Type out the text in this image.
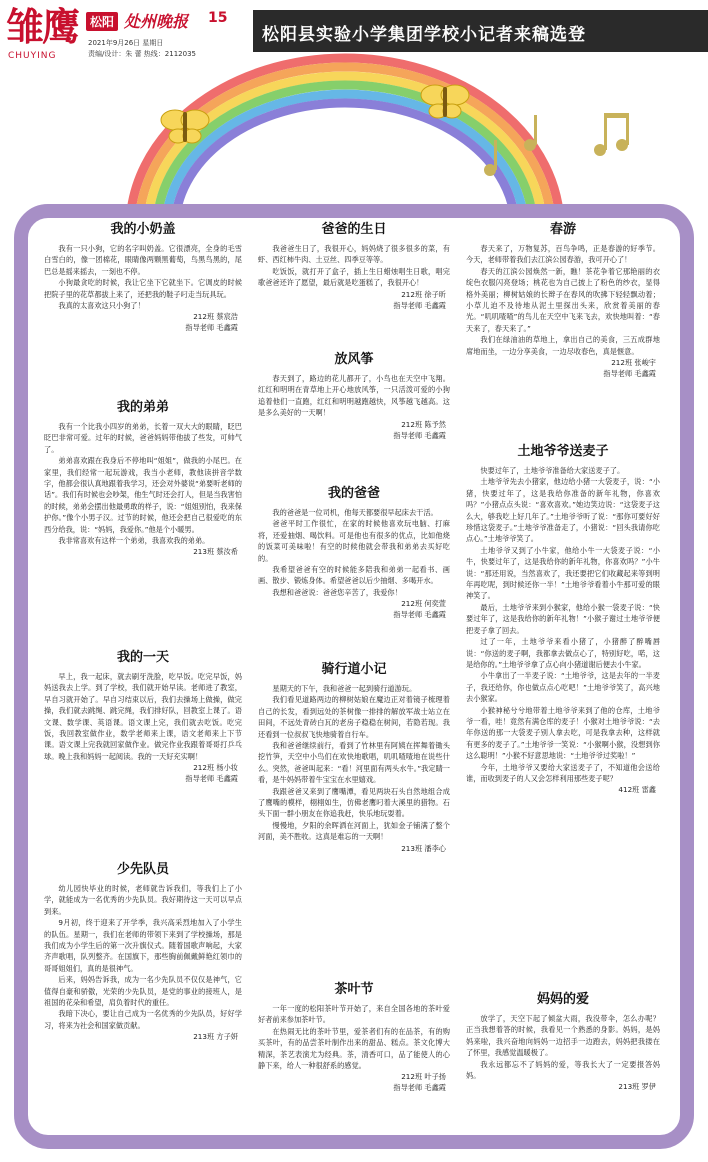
雏鹰
CHUYING
松阳 处州晚报 15
2021年9月26日 星期日
责编/设计：朱 蕾 热线：2112035
松阳县实验小学集团学校小记者来稿选登
我的小奶盖

我有一只小狗，它的名字叫奶盖。它很漂亮，全身的毛雪白雪白的，像一团棉花，眼睛像两颗黑葡萄，鸟黑鸟黑的，尾巴总是摇来摇去，一刻也不停。

小狗最贪吃的时候，我让它坐下它就坐下。它调皮的时候把院子里的花草都拔上来了，还把我的鞋子叼走当玩具玩。

我真的太喜欢这只小狗了！

212班 蔡宸浩
指导老师 毛鑫霞
我的弟弟

我有一个比我小四岁的弟弟，长着一双大大的眼睛，眨巴眨巴非常可爱。过年的时候，爸爸妈妈带他拔了些发，可帅气了。

弟弟喜欢跟在我身后不停地叫“姐姐”，做我的小尾巴。在家里，我们经常一起玩游戏，我当小老师，教他读拼音学数字，他都会很认真地跟着我学习，还会对外婆说“弟要听老师的话”。我们有时候也会吵架，他生气时还会打人，但是当我害怕的时候，弟弟会摆出他最勇敢的样子，说：“姐姐别怕，我来保护你。”像个小男子汉。过节的时候，他还会把自己很爱吃的东西分给我，说：“妈妈，我爱你。”他是个小暖男。

我非常喜欢有这样一个弟弟，我喜欢我的弟弟。

213班 蔡汝希
我的一天

早上，我一起床，就去刷牙洗脸，吃早饭。吃完早饭，妈妈送我去上学。到了学校，我们就开始早读。老师进了教室，早自习就开始了。早自习结束以后，我们去操场上做操，做完操，我们就去跳绳、跳完绳，我们排好队，回教室上课了。语文课、数学课、英语课。语文课上完，我们就去吃饭。吃完饭，我回教室做作业，数学老师来上课，语文老师来上下节课。语文课上完我就回家做作业。做完作业我跟着哥哥打乒乓球。晚上我和妈妈一起阅读。我的一天好充实啊！

212班 杨小妆
指导老师 毛鑫霞
少先队员

幼儿园快毕业的时候，老师就告诉我们，等我们上了小学，就能成为一名优秀的少先队员。我好期待这一天可以早点到来。

9月初，终于迎来了开学季，我兴高采烈地加入了小学生的队伍。星期一，我们在老师的带领下来到了学校操场，那是我们成为小学生后的第一次升旗仪式。随着国歌声响起，大家齐声歌唱，队列整齐。在国旗下，那些胸前佩戴鲜艳红领巾的哥哥姐姐们，真的是很神气。

后来，妈妈告诉我，成为一名少先队员不仅仅是神气，它值得自豪和骄傲，光荣的少先队员，是党的事业的接班人，是祖国的花朵和希望，肩负着时代的重任。

我暗下决心，要让自己成为一名优秀的少先队员，好好学习，将来为社会和国家做贡献。

213班 方子妍
爸爸的生日

我爸爸生日了，我很开心，妈妈烧了很多很多的菜，有虾、西红柿牛肉、土豆丝、四季豆等等。

吃饭饭，就打开了盒子，插上生日蜡烛唱生日歌，唱完歌爸爸还许了愿望，最后就是吃蛋糕了，我很开心！

212班 徐子昕
指导老师 毛鑫霞
放风筝

春天到了，路边的花儿都开了，小鸟也在天空中飞翔。红红和明明在青草地上开心地放风筝，一只活泼可爱的小狗追着他们一直跑，红红和明明越跑越快，风筝越飞越高。这是多么美好的一天啊！

212班 陈予然
指导老师 毛鑫霞
我的爸爸

我的爸爸是一位司机，他每天都要很早起床去干活。

爸爸平时工作很忙，在家的时候他喜欢玩电脑、打麻将，还爱抽烟、喝饮料。可是他也有很多的优点，比如他烧的饭菜可美味啦！有空的时候他就会带我和弟弟去买好吃的。

我希望爸爸有空的时候能多陪我和弟弟一起看书、画画、散步、锻炼身体。希望爸爸以后少抽烟、多喝开水。

我想和爸爸说：爸爸您辛苦了，我爱你！

212班 何奕萱
指导老师 毛鑫霞
骑行道小记

星期天的下午，我和爸爸一起到骑行道游玩。

我们看见道路两边的柳树姑娘在魔边正对着镜子梳理着自己的长发，看到远处的茶树像一排排的解放军战士站立在田间，不远处青砖白瓦的老房子稳稳在树间，若隐若现。我还看到一位叔叔飞快地骑着自行车。

我和爸爸继续前行，看到了竹林里有阿姨在挥舞着锄头挖竹笋，天空中小鸟们在欢快地歌唱，叽叽喳喳地在说些什么。突然，爸爸叫起来：“看！河里面有两头水牛。”我定睛一看，是牛妈妈带着牛宝宝在水里嬉戏。

我跟爸爸又来到了鹰嘴潭，看见两块石头自然地组合成了鹰嘴的模样，栩栩如生，仿佛老鹰叼着大溪里的猎物。石头下面一群小朋友在你追我赶，快乐地玩耍着。

慢慢地，夕阳的余晖洒在河面上，犹如金子铺满了整个河面，美不胜收。这真是难忘的一天啊！

213班 潘李心
茶叶节

一年一度的松阳茶叶节开始了，来自全国各地的茶叶爱好者前来参加茶叶节。

在热闹无比的茶叶节里，爱茶者们有的在品茶，有的购买茶叶，有的品尝茶叶制作出来的甜品、糕点。茶文化博大精深，茶艺表演尤为经典。茶，清香可口，品了能使人的心静下来，给人一种很舒系的感觉。

212班 叶子扬
指导老师 毛鑫霞
春游

春天来了，万物复苏，百鸟争鸣，正是春游的好季节。今天，老师带着我们去江滨公园春游，我可开心了！

春天的江滨公园焕然一新，瞧！茶花争着它那艳丽的衣绽色衣服闪亮登场；桃花也为自己披上了粉色的纱衣，显得格外美丽；柳树姑娘的长辫子在春风的吹拂下轻轻飘动着；小草儿迫不及待地从泥土里探出头来，欣赏着美丽的春光。“叽叽喳喳”的鸟儿在天空中飞来飞去，欢快地叫着：“春天来了，春天来了。”

我们在绿油油的草地上，拿出自己的美食，三五成群地席地而坐，一边分享美食，一边尽收春色，真是惬意。

212班 张峻宇
指导老师 毛鑫霞
土地爷爷送麦子

快要过年了，土地爷爷准备给大家送麦子了。

土地爷爷先去小猪家，他边给小猪一大袋麦子，说：“小猪，快要过年了，这是我给你准备的新年礼物，你喜欢吗？”小猪点点头说：“喜欢喜欢。”她边笑边说：“这袋麦子这么大，够我吃上好几年了。”土地爷爷听了说：“那你可要好好珍惜这袋麦子。”土地爷爷准备走了，小猪说：“回头我请你吃点心。”土地爷爷笑了。

土地爷爷又到了小牛家，他给小牛一大袋麦子说：“小牛，快要过年了，这是我给你的新年礼物，你喜欢吗？”小牛说：“那还用说，当然喜欢了，我还要把它们收藏起来等到明年再吃呢，到时候还你一半！”土地爷爷看着小牛那可爱的眼神笑了。

最后，土地爷爷来到小猴家，他给小猴一袋麦子说：“快要过年了，这是我给你的新年礼物！”小猴子谢过土地爷爷便把麦子拿了回去。

过了一年，土地爷爷来看小猪了，小猪醉了醉嘴唇说：“你送的麦子啊，我都拿去做点心了，特别好吃，喏，这是给你的。”土地爷爷拿了点心向小猪道谢后便去小牛家。

小牛拿出了一半麦子说：“土地爷爷，这是去年的一半麦子，我还给你，你也做点点心吃吧！”土地爷爷笑了，高兴地去小猴家。

小猴神秘兮兮地带着土地爷爷来到了他的仓库，土地爷爷一看，哇！竟然有满仓库的麦子！小猴对土地爷爷说：“去年你送的那一大袋麦子别人拿去吃，可是我拿去种，这样就有更多的麦子了。”土地爷爷一笑说：“小猴啊小猴，没想到你这么聪明！”小猴不好意思地说：“土地爷爷过奖啦！”

今年，土地爷爷又要给大家送麦子了，不知道他会送给谁，而收到麦子的人又会怎样利用那些麦子呢？

412班 雷鑫
妈妈的爱

放学了，天空下起了倾盆大雨，我没带伞，怎么办呢？正当我想着答的时候，我看见一个熟悉的身影。妈妈，是妈妈来啦，我兴奋地向妈妈一边招手一边跑去，妈妈把我搂在了怀里，我感觉温暖极了。

我永远都忘不了妈妈的爱，等我长大了一定要报答妈妈。

213班 罗伊
